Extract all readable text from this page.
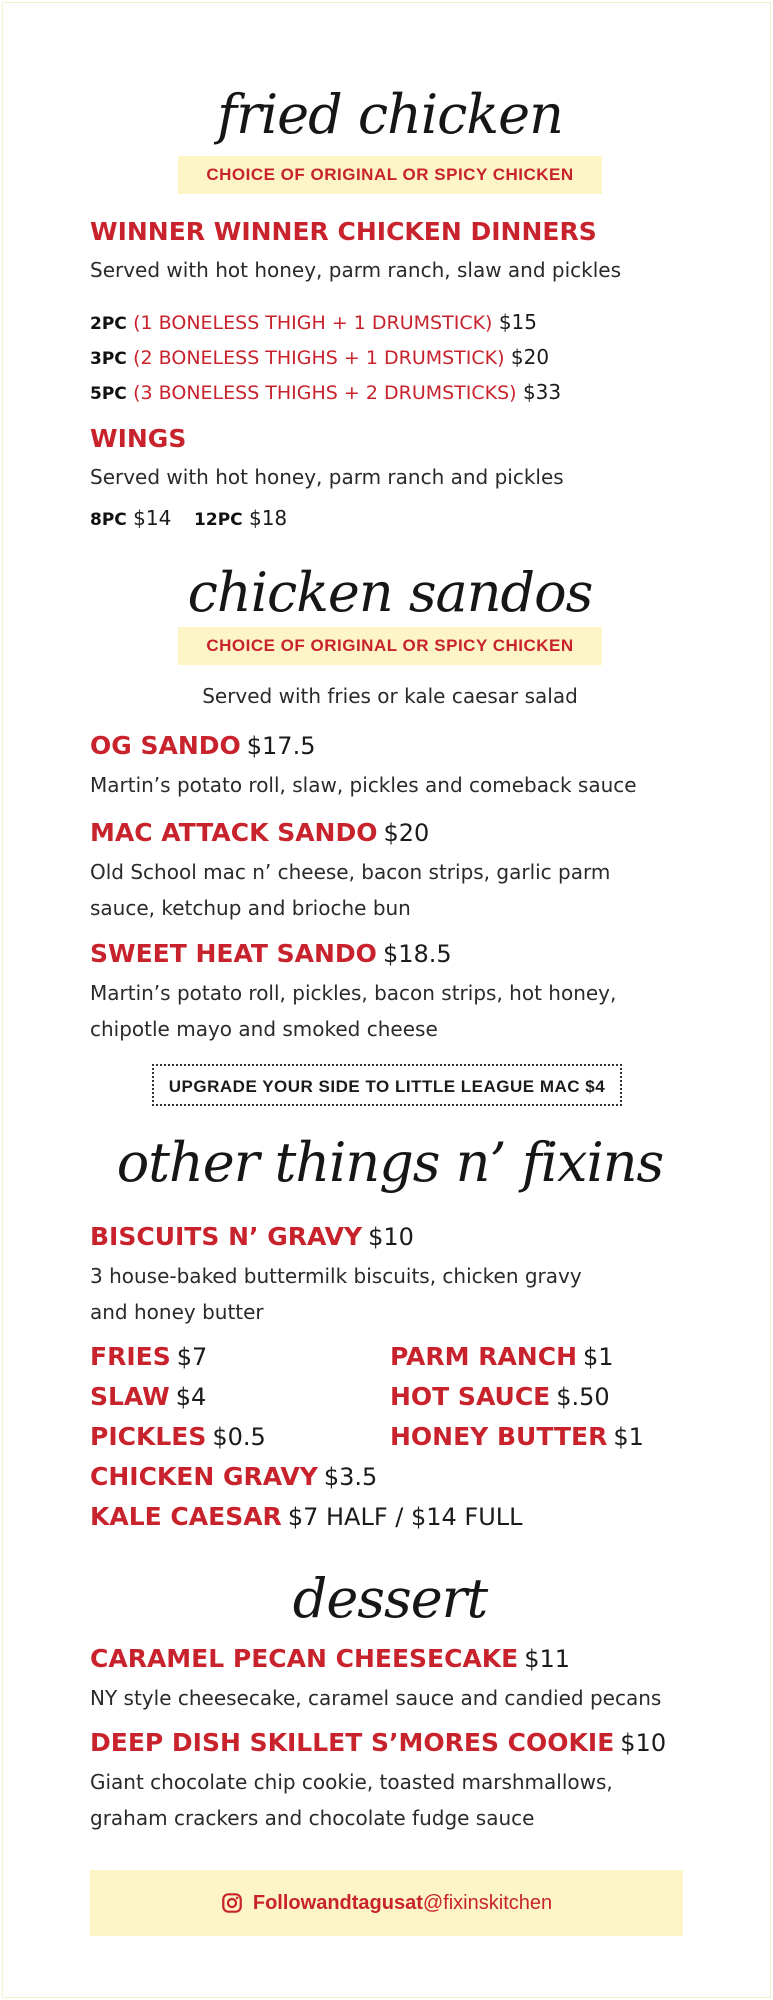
fried chicken
CHOICE OF ORIGINAL OR SPICY CHICKEN
WINNER WINNER CHICKEN DINNERS
Served with hot honey, parm ranch, slaw and pickles
2PC (1 BONELESS THIGH + 1 DRUMSTICK) $15
3PC (2 BONELESS THIGHS + 1 DRUMSTICK) $20
5PC (3 BONELESS THIGHS + 2 DRUMSTICKS) $33
WINGS
Served with hot honey, parm ranch and pickles
8PC $14 12PC $18
chicken sandos
CHOICE OF ORIGINAL OR SPICY CHICKEN
Served with fries or kale caesar salad
OG SANDO $17.5
Martin’s potato roll, slaw, pickles and comeback sauce
MAC ATTACK SANDO $20
Old School mac n’ cheese, bacon strips, garlic parm
sauce, ketchup and brioche bun
SWEET HEAT SANDO $18.5
Martin’s potato roll, pickles, bacon strips, hot honey,
chipotle mayo and smoked cheese
UPGRADE YOUR SIDE TO LITTLE LEAGUE MAC $4
other things n’ fixins
BISCUITS N’ GRAVY $10
3 house-baked buttermilk biscuits, chicken gravy
and honey butter
FRIES $7
SLAW $4
PICKLES $0.5
CHICKEN GRAVY $3.5
KALE CAESAR $7 HALF / $14 FULL
PARM RANCH $1
HOT SAUCE $.50
HONEY BUTTER $1
dessert
CARAMEL PECAN CHEESECAKE $11
NY style cheesecake, caramel sauce and candied pecans
DEEP DISH SKILLET S’MORES COOKIE $10
Giant chocolate chip cookie, toasted marshmallows,
graham crackers and chocolate fudge sauce
Followandtagusat @fixinskitchen
